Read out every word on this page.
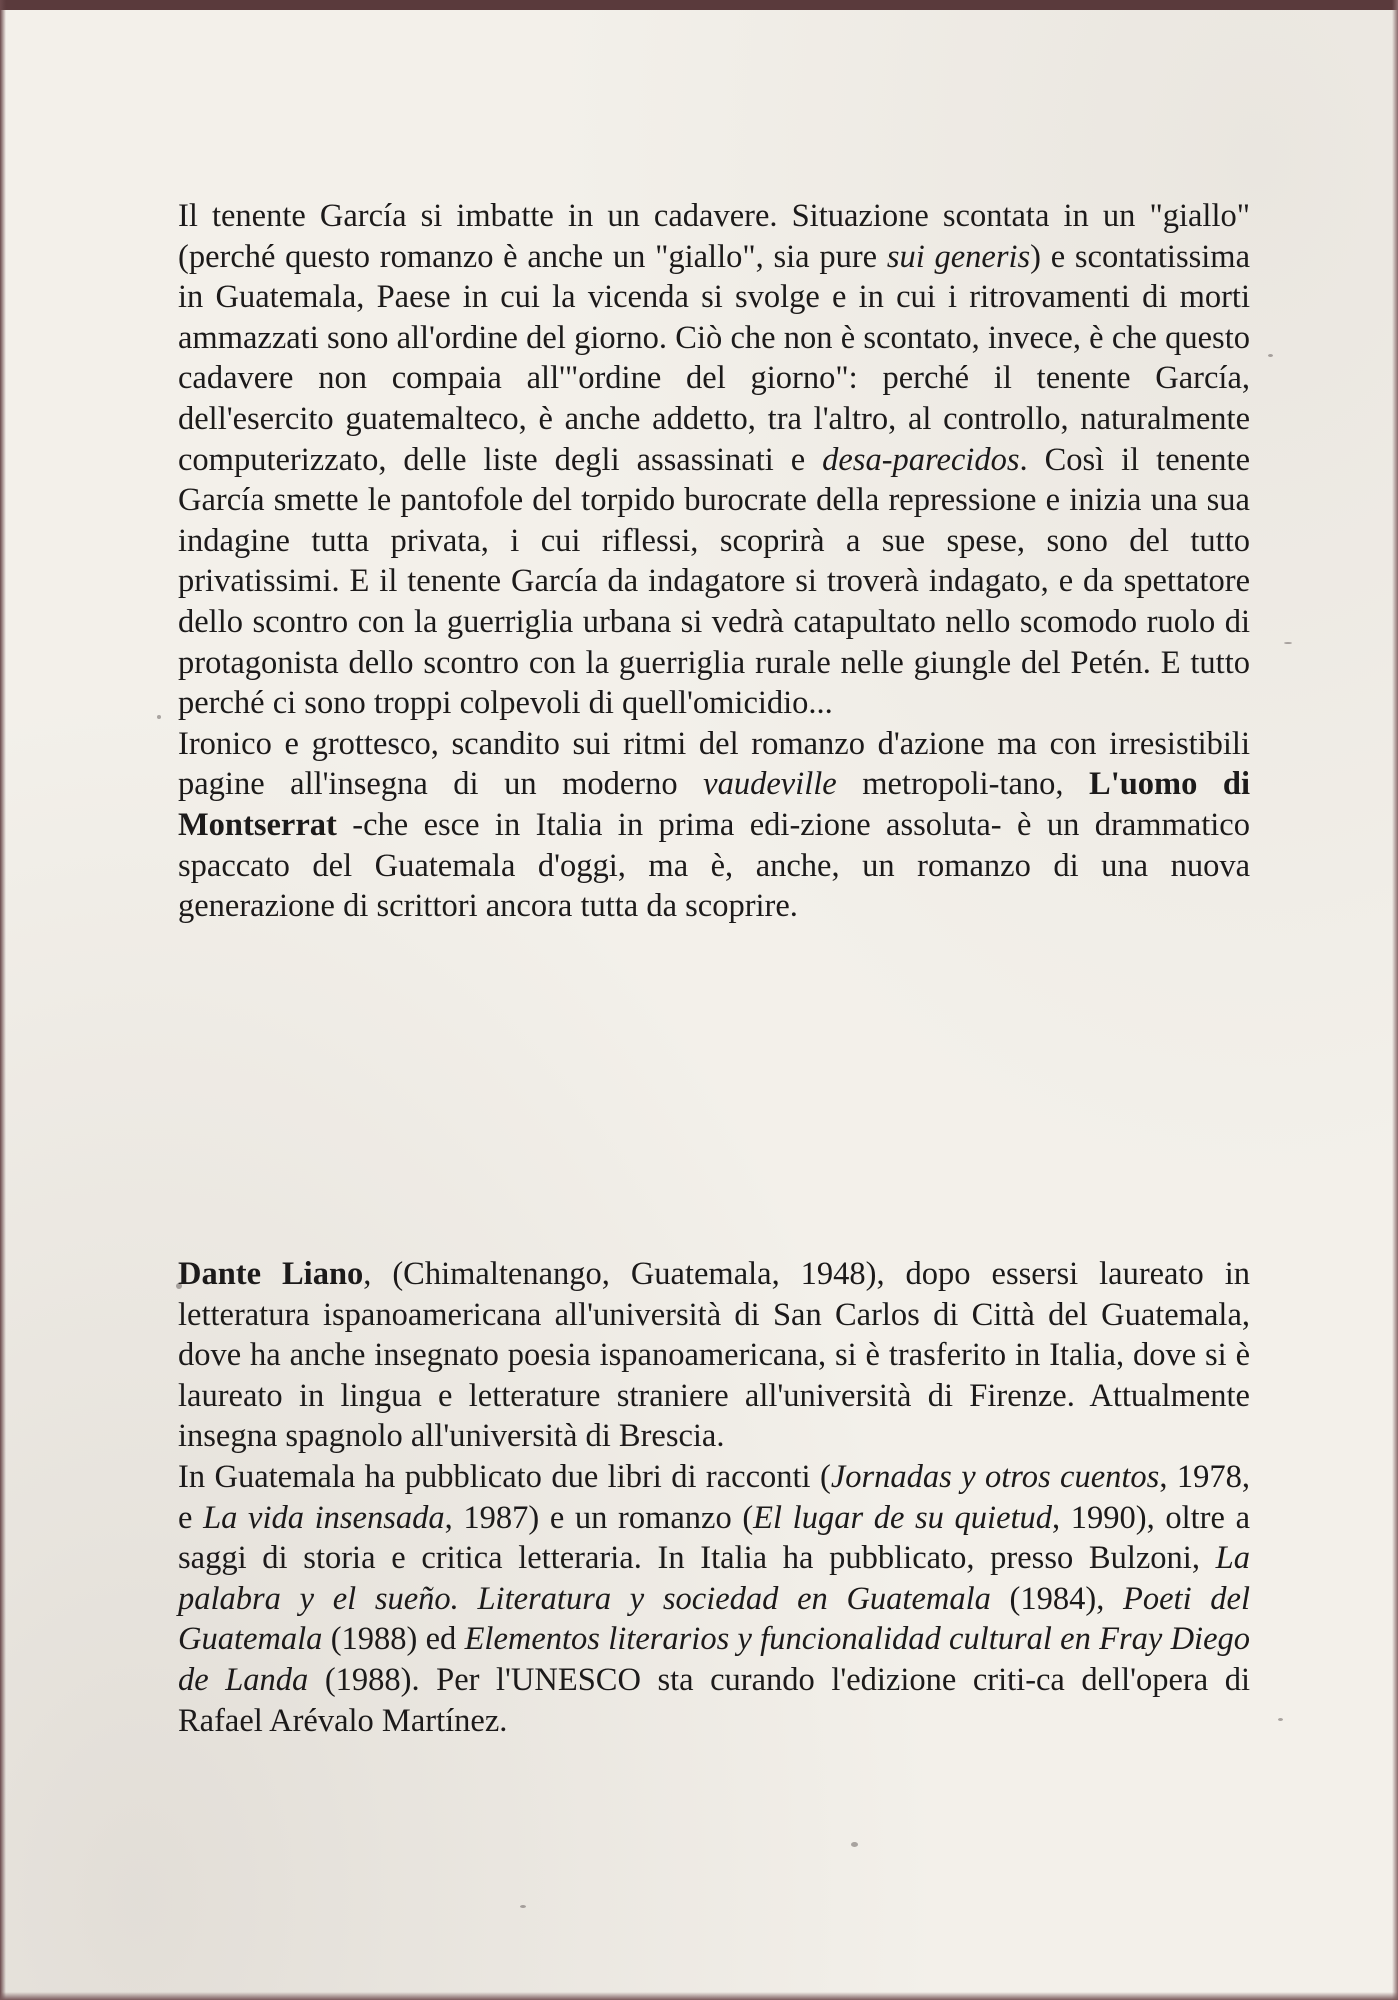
Il tenente García si imbatte in un cadavere. Situazione scontata in un "giallo" (perché questo romanzo è anche un "giallo", sia pure sui generis) e scontatissima in Guatemala, Paese in cui la vicenda si svolge e in cui i ritrovamenti di morti ammazzati sono all'ordine del giorno. Ciò che non è scontato, invece, è che questo cadavere non compaia all'"ordine del giorno": perché il tenente García, dell'esercito guatemalteco, è anche addetto, tra l'altro, al controllo, naturalmente computerizzato, delle liste degli assassinati e desa-parecidos. Così il tenente García smette le pantofole del torpido burocrate della repressione e inizia una sua indagine tutta privata, i cui riflessi, scoprirà a sue spese, sono del tutto privatissimi. E il tenente García da indagatore si troverà indagato, e da spettatore dello scontro con la guerriglia urbana si vedrà catapultato nello scomodo ruolo di protagonista dello scontro con la guerriglia rurale nelle giungle del Petén. E tutto perché ci sono troppi colpevoli di quell'omicidio...

Ironico e grottesco, scandito sui ritmi del romanzo d'azione ma con irresistibili pagine all'insegna di un moderno vaudeville metropoli-tano, L'uomo di Montserrat -che esce in Italia in prima edi-zione assoluta- è un drammatico spaccato del Guatemala d'oggi, ma è, anche, un romanzo di una nuova generazione di scrittori ancora tutta da scoprire.

Dante Liano, (Chimaltenango, Guatemala, 1948), dopo essersi laureato in letteratura ispanoamericana all'università di San Carlos di Città del Guatemala, dove ha anche insegnato poesia ispanoamericana, si è trasferito in Italia, dove si è laureato in lingua e letterature straniere all'università di Firenze. Attualmente insegna spagnolo all'università di Brescia.

In Guatemala ha pubblicato due libri di racconti (Jornadas y otros cuentos, 1978, e La vida insensada, 1987) e un romanzo (El lugar de su quietud, 1990), oltre a saggi di storia e critica letteraria. In Italia ha pubblicato, presso Bulzoni, La palabra y el sueño. Literatura y sociedad en Guatemala (1984), Poeti del Guatemala (1988) ed Elementos literarios y funcionalidad cultural en Fray Diego de Landa (1988). Per l'UNESCO sta curando l'edizione criti-ca dell'opera di Rafael Arévalo Martínez.
